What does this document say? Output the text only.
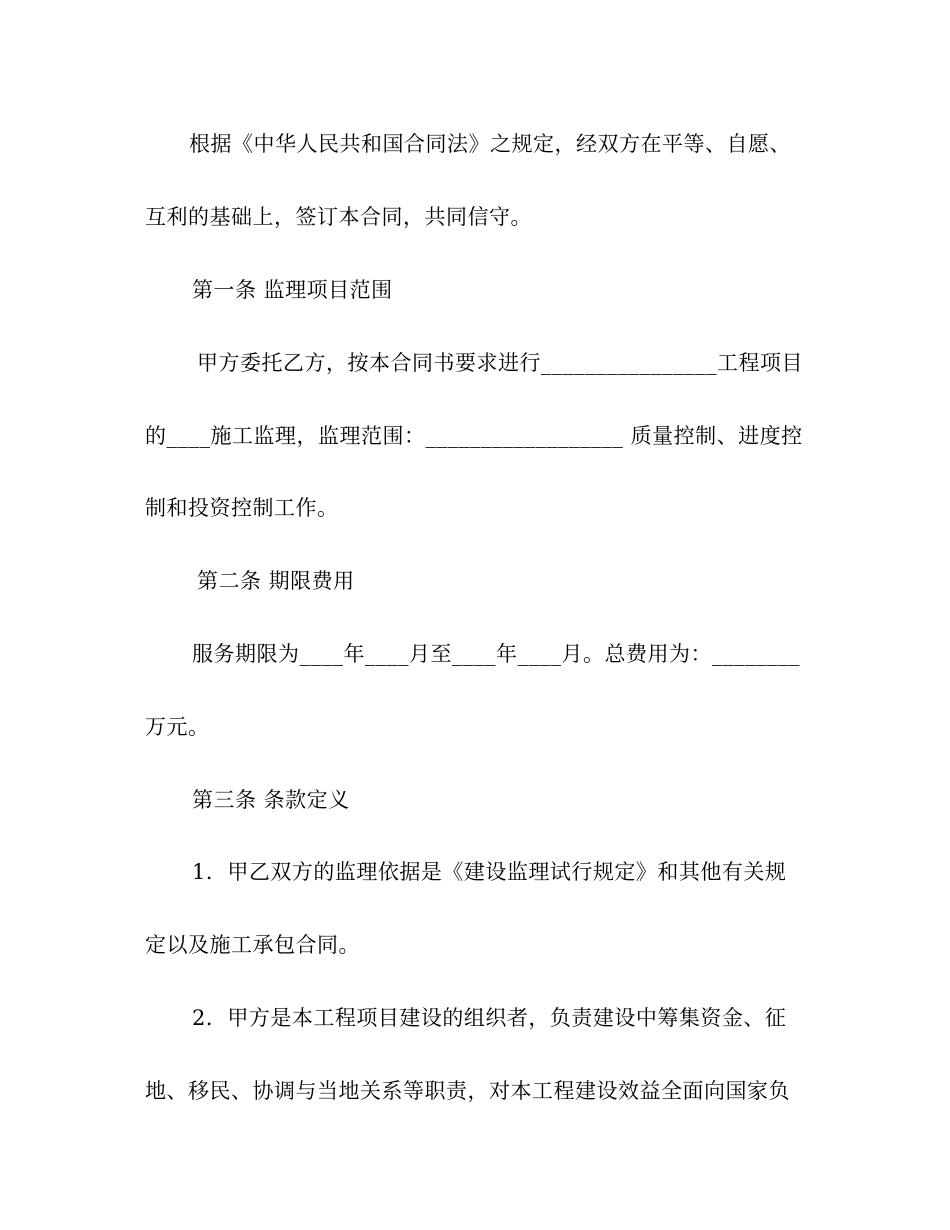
根据《中华人民共和国合同法》之规定，经双方在平等、自愿、
互利的基础上，签订本合同，共同信守。
第一条 监理项目范围
甲方委托乙方，按本合同书要求进行________________工程项目
的____施工监理，监理范围：__________________ 质量控制、进度控
制和投资控制工作。
第二条 期限费用
服务期限为____年____月至____年____月。总费用为：________
万元。
第三条 条款定义
1．甲乙双方的监理依据是《建设监理试行规定》和其他有关规
定以及施工承包合同。
2．甲方是本工程项目建设的组织者，负责建设中筹集资金、征
地、移民、协调与当地关系等职责，对本工程建设效益全面向国家负
